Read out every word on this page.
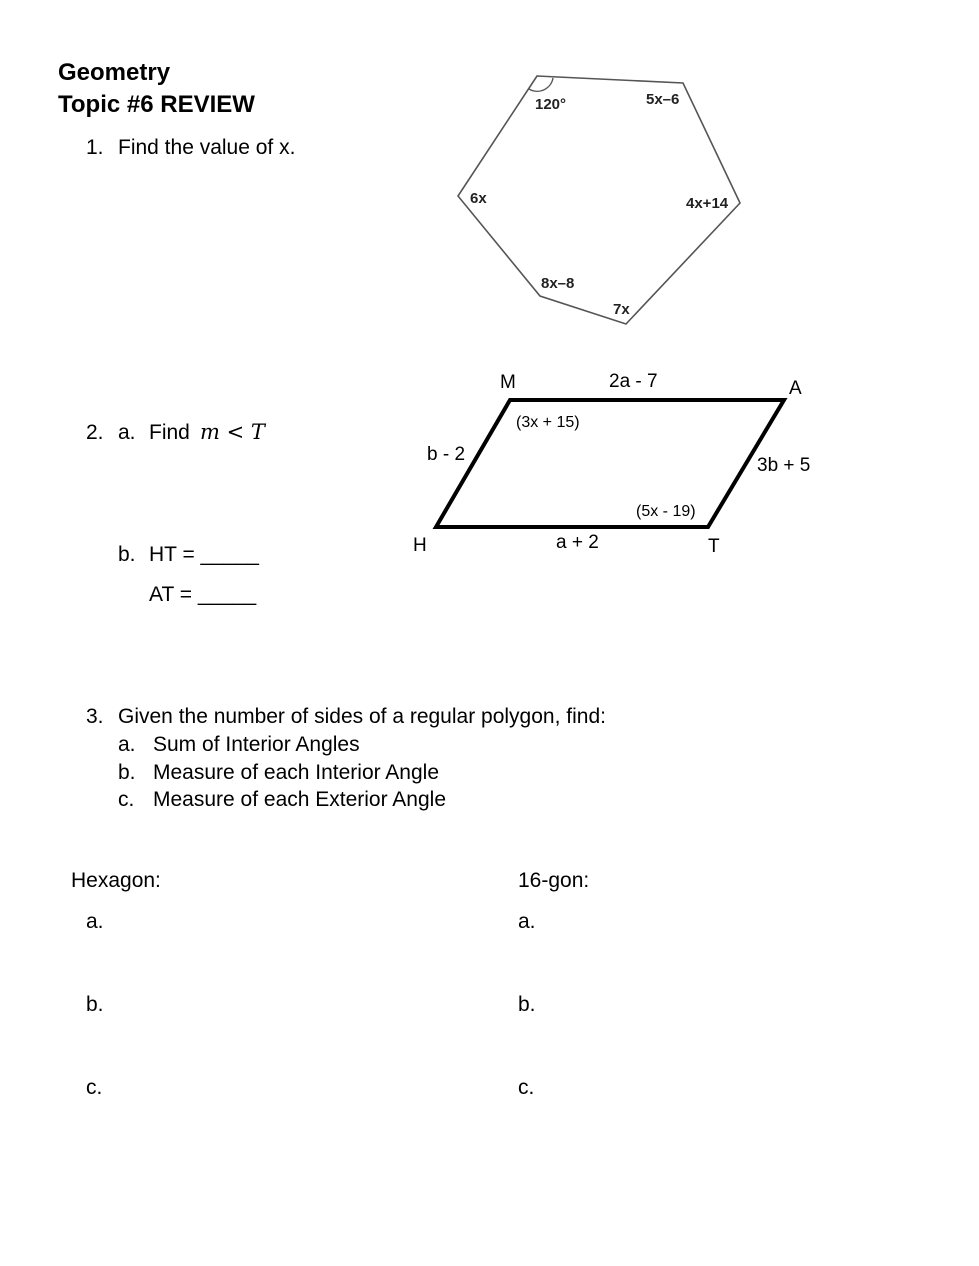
Geometry
Topic #6 REVIEW
1. Find the value of x.
120°	5x–6
4x+14
7x
8x–8
6x
2. a. Find m < T
b. HT = _____
AT = _____
M	A
H	T
2a - 7
b - 2
3b + 5
a + 2
(3x + 15)
(5x - 19)
3. Given the number of sides of a regular polygon, find:
a. Sum of Interior Angles
b. Measure of each Interior Angle
c. Measure of each Exterior Angle
Hexagon:
a.
b.
c.
16-gon:
a.
b.
c.
